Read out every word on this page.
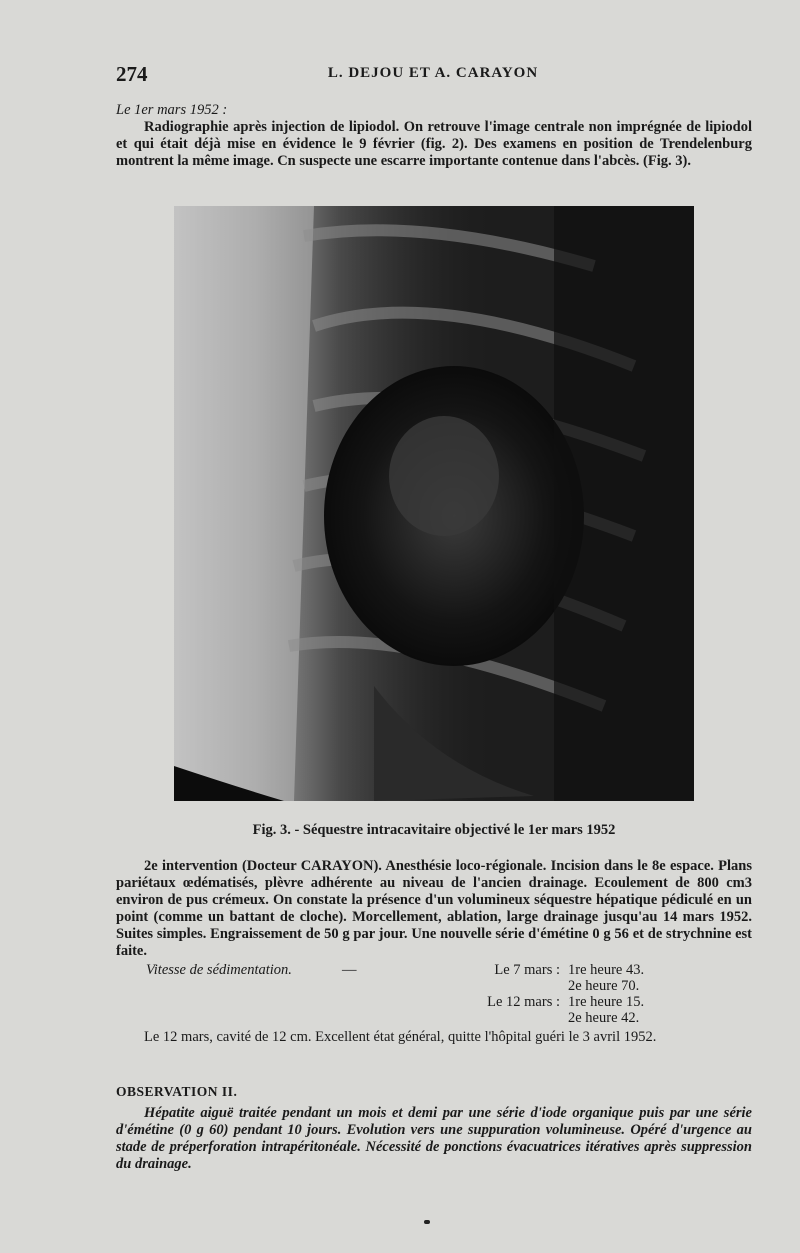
274	L. DEJOU ET A. CARAYON
Le 1er mars 1952 :
Radiographie après injection de lipiodol. On retrouve l'image centrale non imprégnée de lipiodol et qui était déjà mise en évidence le 9 février (fig. 2). Des examens en position de Trendelenburg montrent la même image. Cn suspecte une escarre importante contenue dans l'abcès. (Fig. 3).
Fig. 3. - Séquestre intracavitaire objectivé le 1er mars 1952
2e intervention (Docteur CARAYON). Anesthésie loco-régionale. Incision dans le 8e espace. Plans pariétaux œdématisés, plèvre adhérente au niveau de l'ancien drainage. Ecoulement de 800 cm3 environ de pus crémeux. On constate la présence d'un volumineux séquestre hépatique pédiculé en un point (comme un battant de cloche). Morcellement, ablation, large drainage jusqu'au 14 mars 1952. Suites simples. Engraissement de 50 g par jour. Une nouvelle série d'émétine 0 g 56 et de strychnine est faite.
Vitesse de sédimentation.	—	Le 7 mars : 1re heure 43.
2e heure 70.
Le 12 mars : 1re heure 15.
2e heure 42.
Le 12 mars, cavité de 12 cm. Excellent état général, quitte l'hôpital guéri le 3 avril 1952.
OBSERVATION II.
Hépatite aiguë traitée pendant un mois et demi par une série d'iode organique puis par une série d'émétine (0 g 60) pendant 10 jours. Evolution vers une suppuration volumineuse. Opéré d'urgence au stade de préperforation intrapéritonéale. Nécessité de ponctions évacuatrices itératives après suppression du drainage.
